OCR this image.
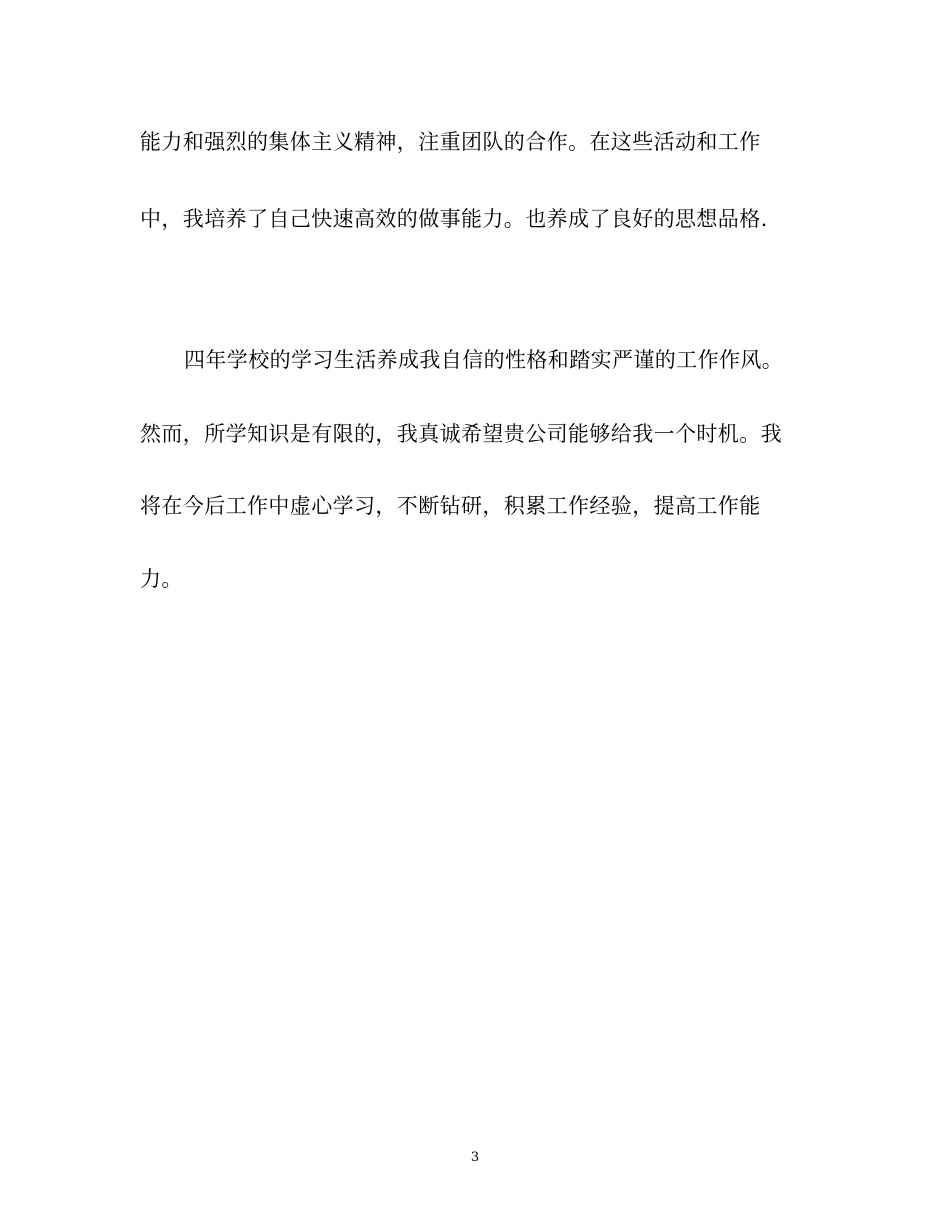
能力和强烈的集体主义精神，注重团队的合作。在这些活动和工作
中，我培养了自己快速高效的做事能力。也养成了良好的思想品格.
四年学校的学习生活养成我自信的性格和踏实严谨的工作作风。
然而，所学知识是有限的，我真诚希望贵公司能够给我一个时机。我
将在今后工作中虚心学习，不断钻研，积累工作经验，提高工作能
力。
3
